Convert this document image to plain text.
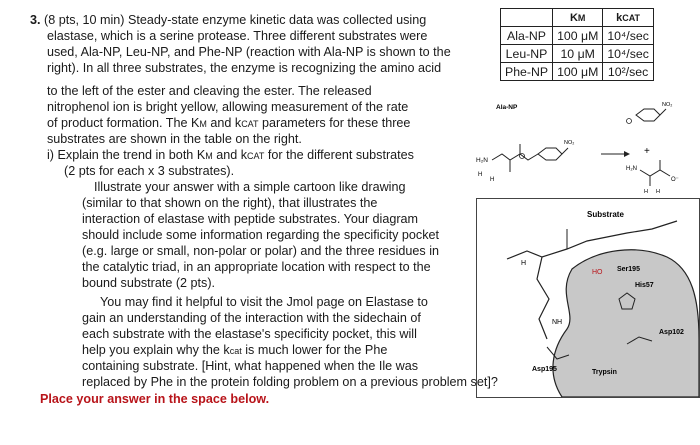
3. (8 pts, 10 min) Steady-state enzyme kinetic data was collected using
elastase, which is a serine protease. Three different substrates were
used, Ala-NP, Leu-NP, and Phe-NP (reaction with Ala-NP is shown to the
right). In all three substrates, the enzyme is recognizing the amino acid
to the left of the ester and cleaving the ester. The released
nitrophenol ion is bright yellow, allowing measurement of the rate
of product formation. The KM and kCAT parameters for these three
substrates are shown in the table on the right.
i) Explain the trend in both KM and kCAT for the different substrates
(2 pts for each x 3 substrates).
Illustrate your answer with a simple cartoon like drawing
(similar to that shown on the right), that illustrates the
interaction of elastase with peptide substrates. Your diagram
should include some information regarding the specificity pocket
(e.g. large or small, non-polar or polar) and the three residues in
the catalytic triad, in an appropriate location with respect to the
bound substrate (2 pts).
You may find it helpful to visit the Jmol page on Elastase to
gain an understanding of the interaction with the sidechain of
each substrate with the elastase's specificity pocket, this will
help you explain why the kcat is much lower for the Phe
containing substrate. [Hint, what happened when the Ile was
replaced by Phe in the protein folding problem on a previous problem set]?
Place your answer in the space below.
	KM	kCAT
Ala-NP	100 μM	10⁴/sec
Leu-NP	10 μM	10⁴/sec
Phe-NP	100 μM	10²/sec
Ala-NP
H₂N
H
H
NO₂
NO₂
+
H₂N
O⁻
H H
Substrate
H
NH
HO Ser195
His57
Asp102
Asp195	Trypsin
